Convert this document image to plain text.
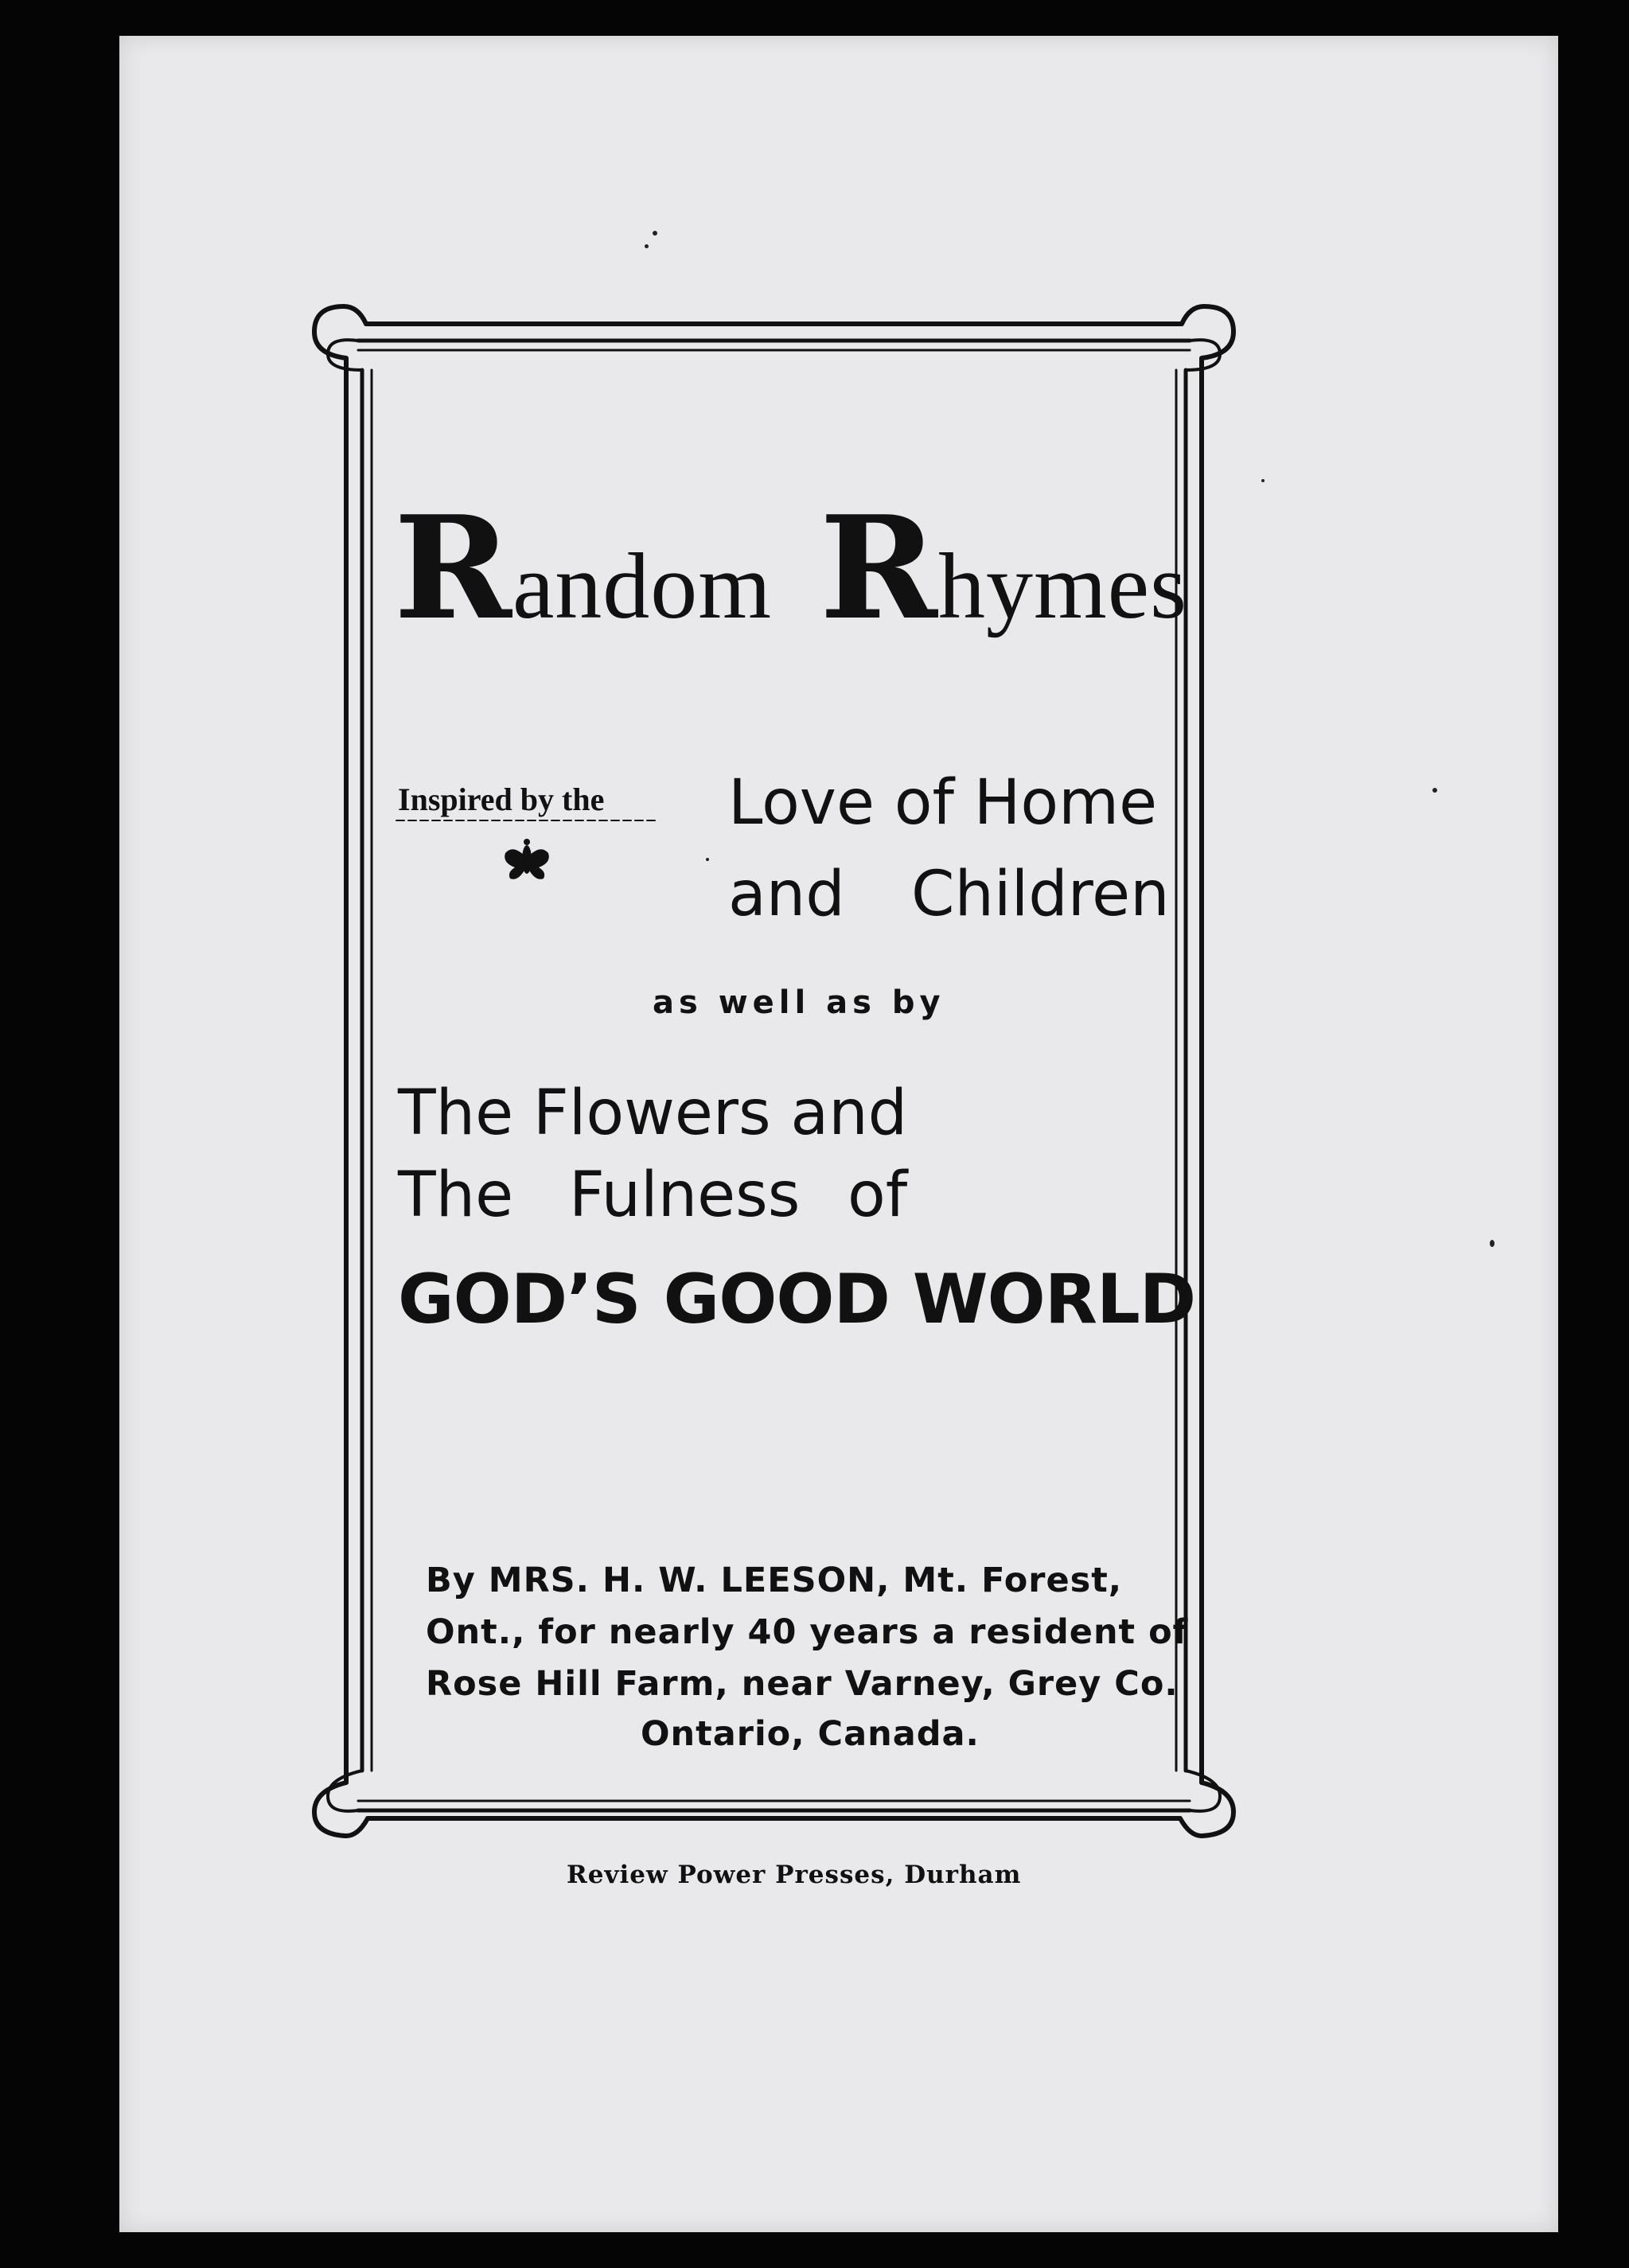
Random Rhymes
Inspired by the Love of Home
and Children
as well as by
The Flowers and
The Fulness of
GOD’S GOOD WORLD
By MRS. H. W. LEESON, Mt. Forest,
Ont., for nearly 40 years a resident of
Rose Hill Farm, near Varney, Grey Co.
Ontario, Canada.
Review Power Presses, Durham
